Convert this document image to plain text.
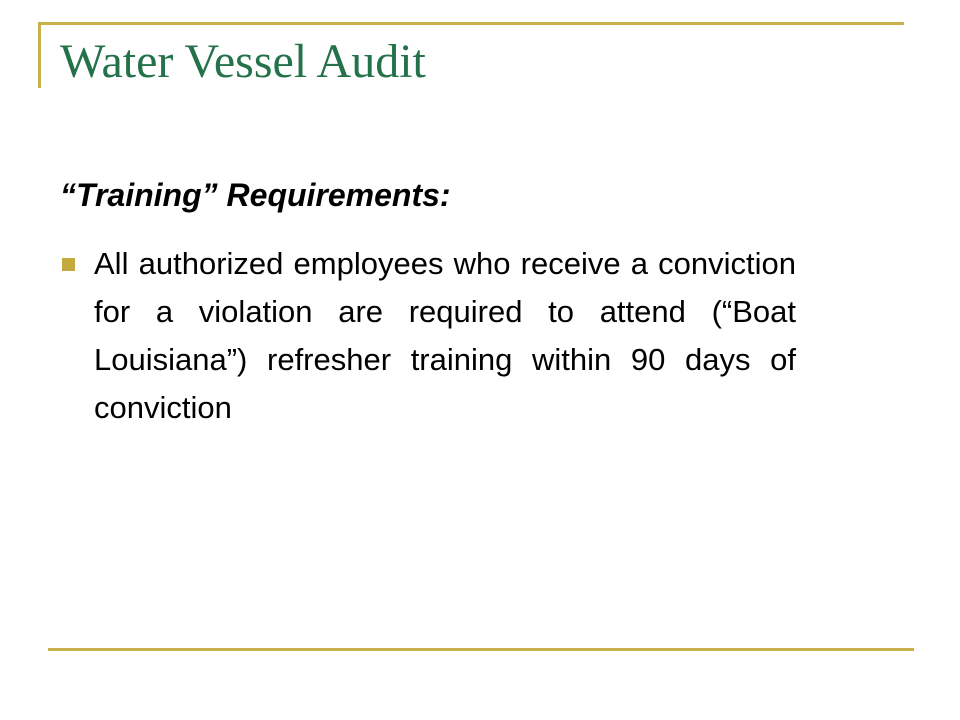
Water Vessel Audit
“Training” Requirements:
All authorized employees who receive a conviction for a violation are required to attend (“Boat Louisiana”) refresher training within 90 days of conviction
